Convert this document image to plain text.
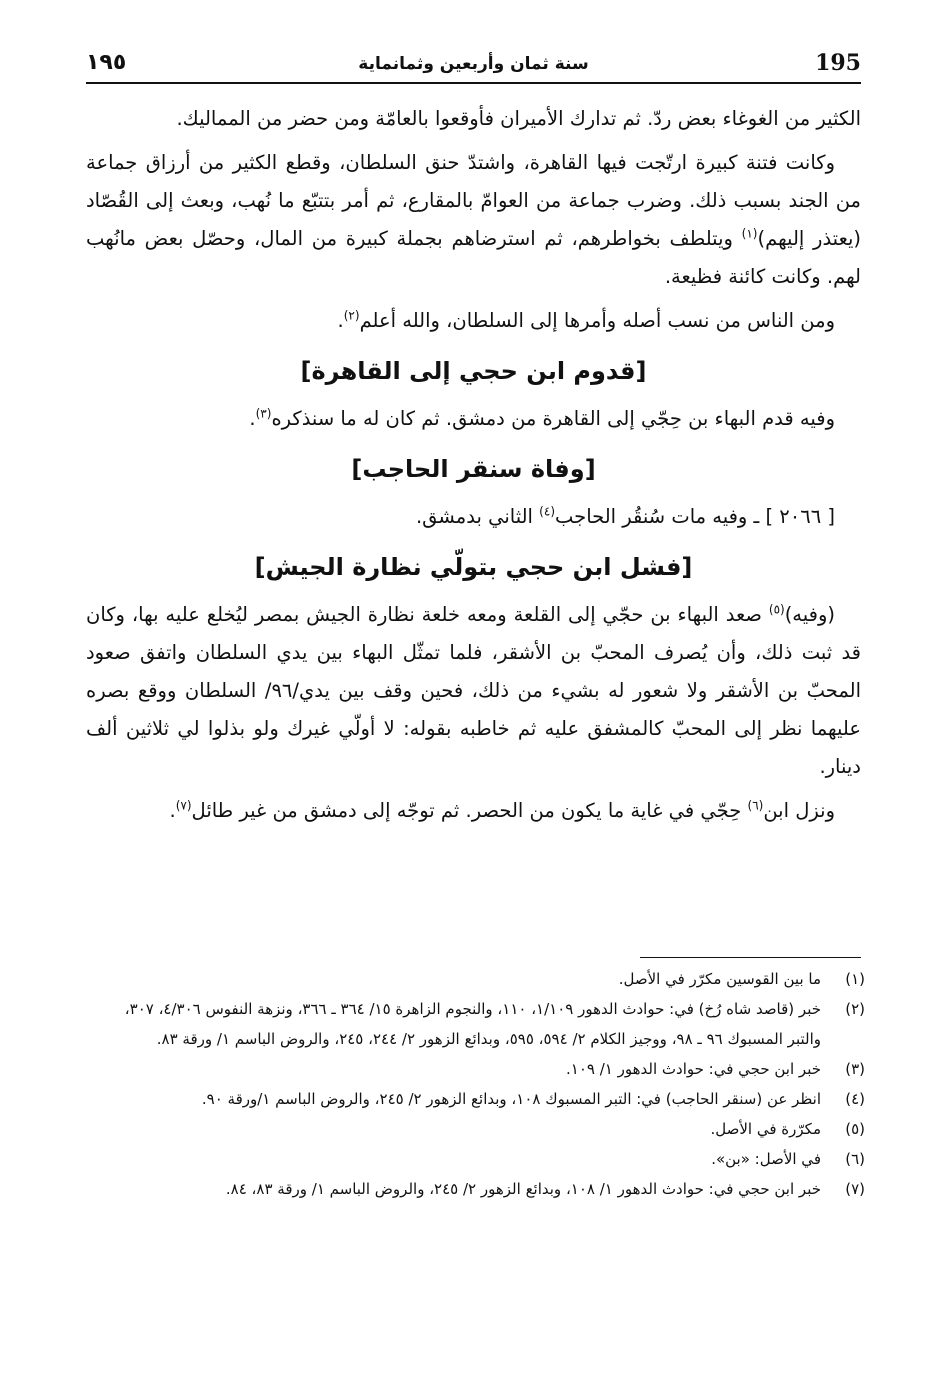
195
سنة ثمان وأربعين وثمانماية
١٩٥

الكثير من الغوغاء بعض ردّ. ثم تدارك الأميران فأوقعوا بالعامّة ومن حضر من المماليك.

وكانت فتنة كبيرة ارتّجت فيها القاهرة، واشتدّ حنق السلطان، وقطع الكثير من أرزاق جماعة من الجند بسبب ذلك. وضرب جماعة من العوامّ بالمقارع، ثم أمر بتتبّع ما نُهب، وبعث إلى القُصّاد (يعتذر إليهم)$^{(١)}$ ويتلطف بخواطرهم، ثم استرضاهم بجملة كبيرة من المال، وحصّل بعض مانُهب لهم. وكانت كائنة فظيعة.

ومن الناس من نسب أصله وأمرها إلى السلطان، والله أعلم$^{(٢)}$.

[قدوم ابن حجي إلى القاهرة]

وفيه قدم البهاء بن حِجّي إلى القاهرة من دمشق. ثم كان له ما سنذكره$^{(٣)}$.

[وفاة سنقر الحاجب]

[ ٢٠٦٦ ] ـ وفيه مات سُنقُر الحاجب$^{(٤)}$ الثاني بدمشق.

[فشل ابن حجي بتولّي نظارة الجيش]

(وفيه)$^{(٥)}$ صعد البهاء بن حجّي إلى القلعة ومعه خلعة نظارة الجيش بمصر ليُخلع عليه بها، وكان قد ثبت ذلك، وأن يُصرف المحبّ بن الأشقر، فلما تمثّل البهاء بين يدي السلطان واتفق صعود المحبّ بن الأشقر ولا شعور له بشيء من ذلك، فحين وقف بين يدي/٩٦/ السلطان ووقع بصره عليهما نظر إلى المحبّ كالمشفق عليه ثم خاطبه بقوله: لا أولّي غيرك ولو بذلوا لي ثلاثين ألف دينار.

ونزل ابن$^{(٦)}$ حِجّي في غاية ما يكون من الحصر. ثم توجّه إلى دمشق من غير طائل$^{(٧)}$.

(١)
ما بين القوسين مكرّر في الأصل.

(٢)
خبر (قاصد شاه رُخ) في: حوادث الدهور ١/١٠٩، ١١٠، والنجوم الزاهرة ١٥/ ٣٦٤ ـ ٣٦٦، ونزهة النفوس ٤/٣٠٦، ٣٠٧، والتبر المسبوك ٩٦ ـ ٩٨، ووجيز الكلام ٢/ ٥٩٤، ٥٩٥، وبدائع الزهور ٢/ ٢٤٤، ٢٤٥، والروض الباسم ١/ ورقة ٨٣.

(٣)
خبر ابن حجي في: حوادث الدهور ١/ ١٠٩.

(٤)
انظر عن (سنقر الحاجب) في: التبر المسبوك ١٠٨، وبدائع الزهور ٢/ ٢٤٥، والروض الباسم ١/ورقة ٩٠.

(٥)
مكرّرة في الأصل.

(٦)
في الأصل: «بن».

(٧)
خبر ابن حجي في: حوادث الدهور ١/ ١٠٨، وبدائع الزهور ٢/ ٢٤٥، والروض الباسم ١/ ورقة ٨٣، ٨٤.
